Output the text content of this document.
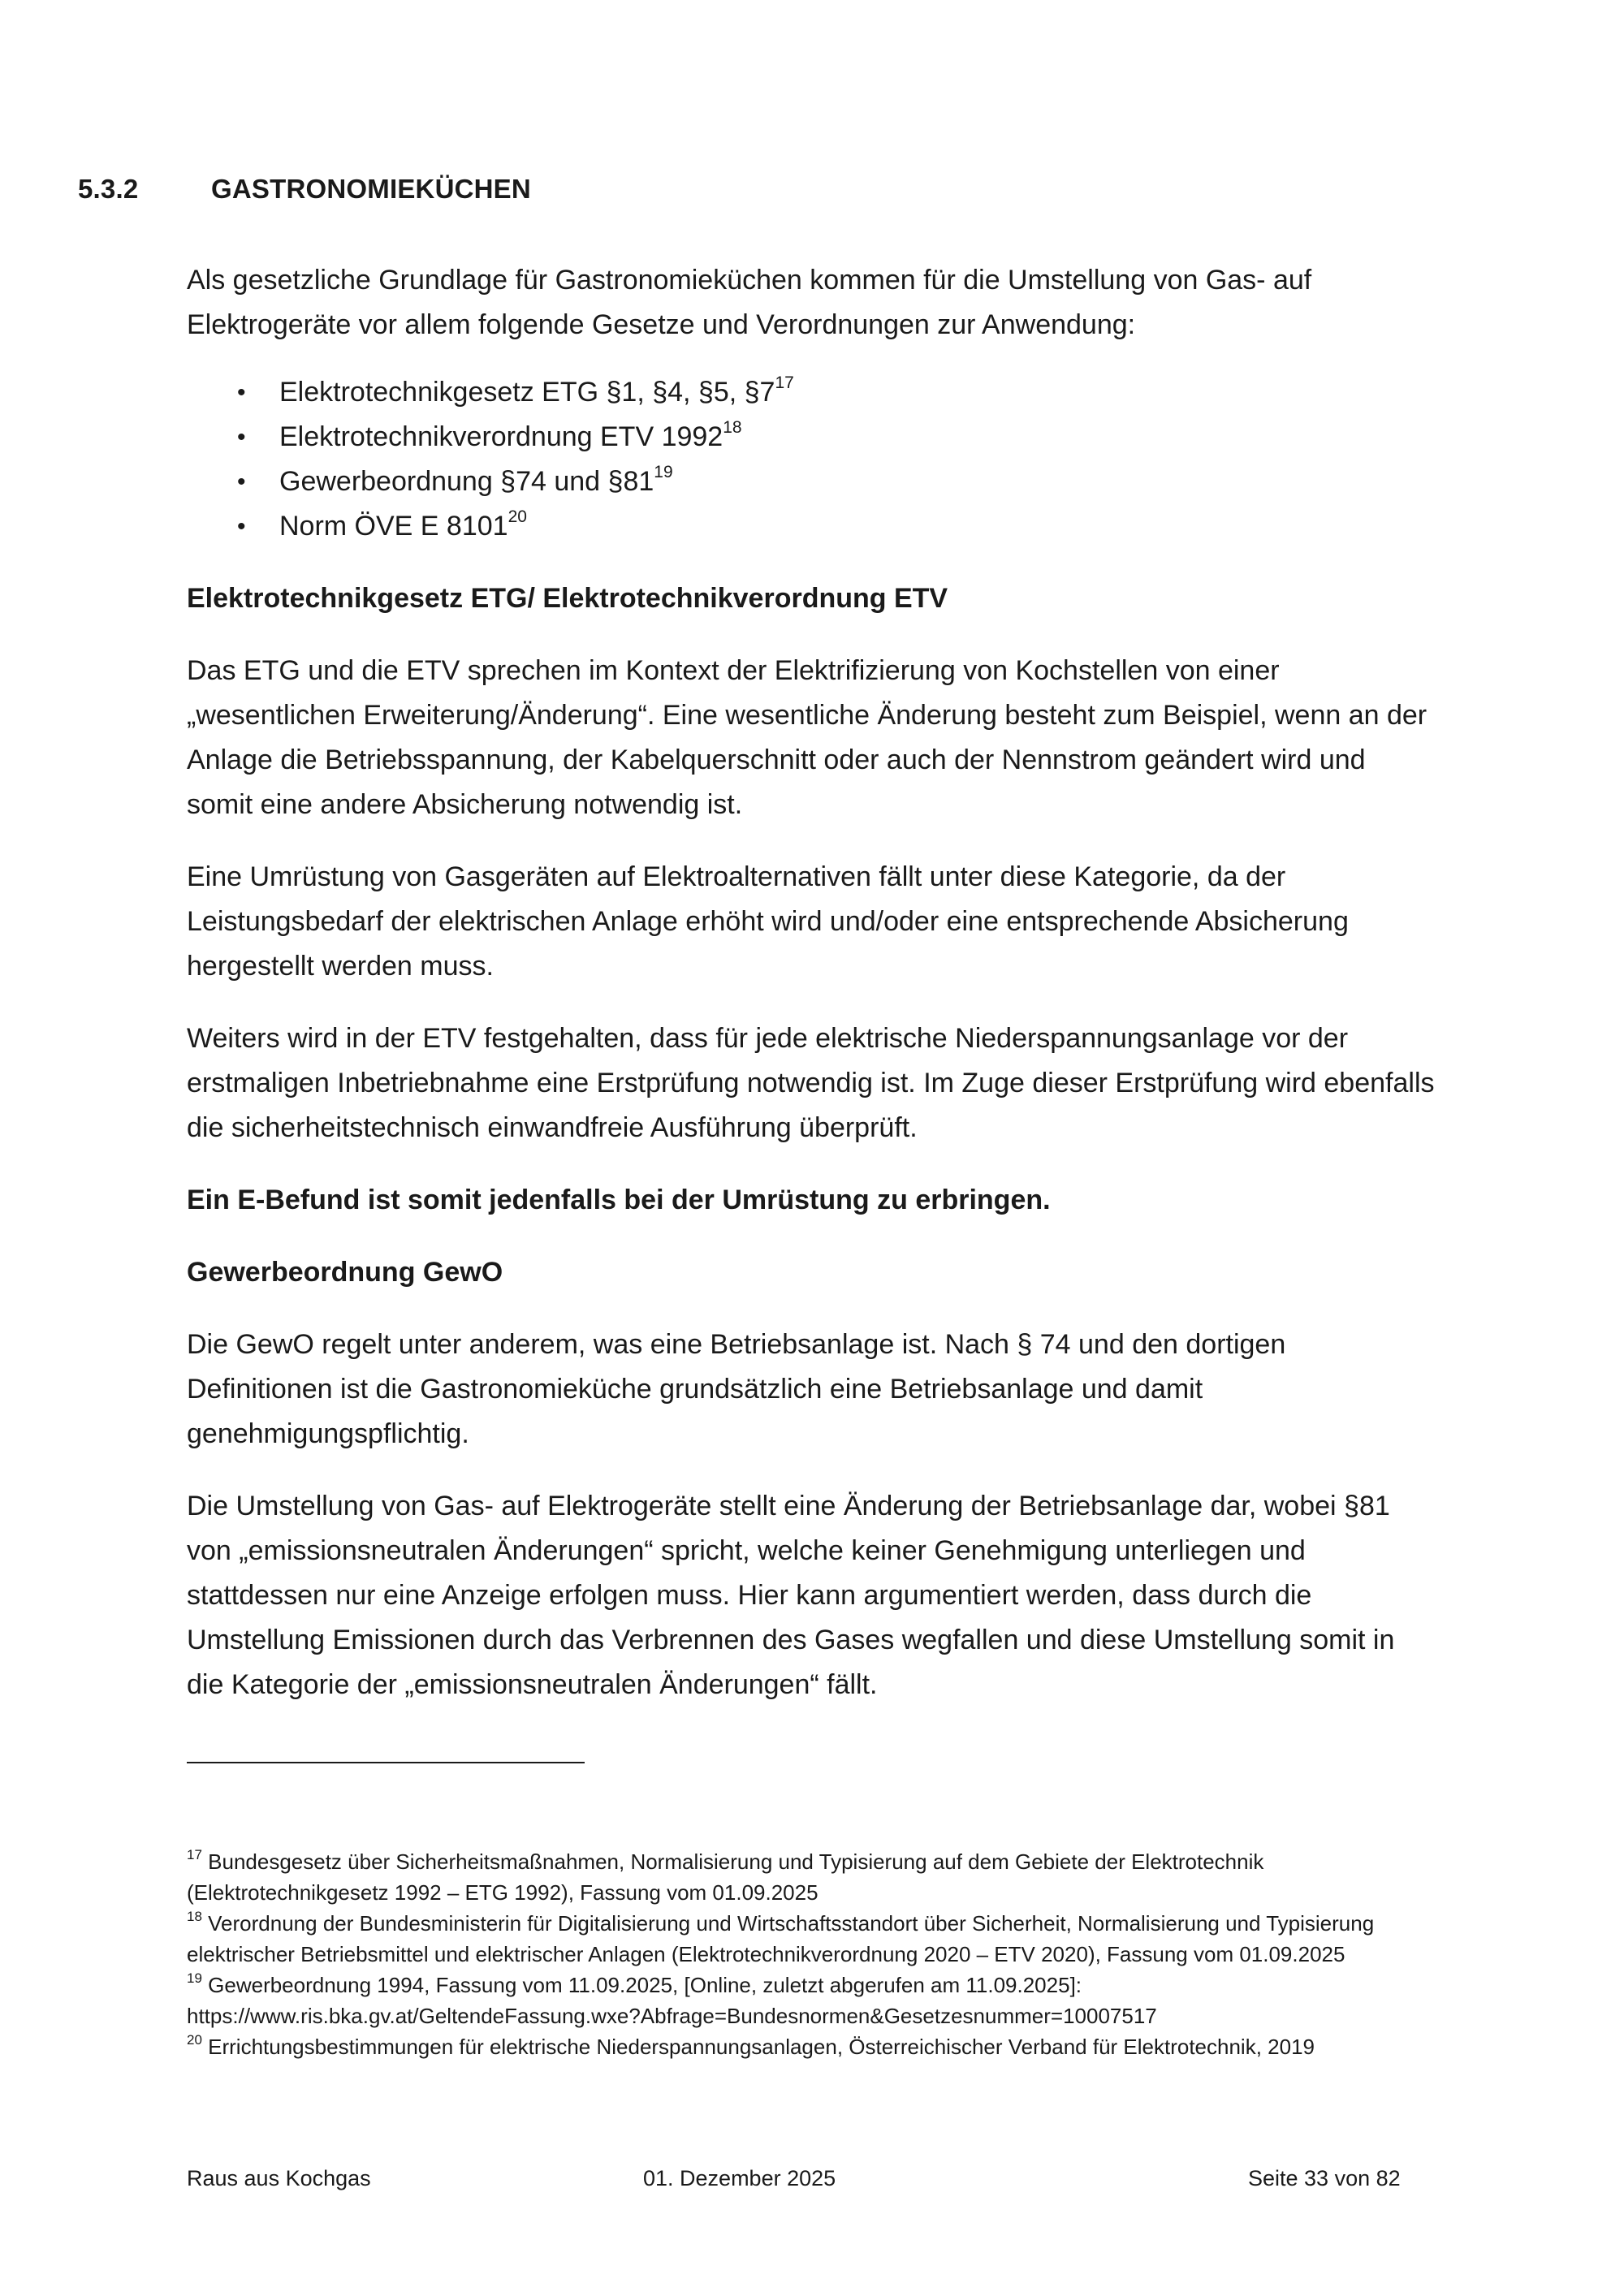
5.3.2	GASTRONOMIEKÜCHEN

Als gesetzliche Grundlage für Gastronomieküchen kommen für die Umstellung von Gas- auf Elektrogeräte vor allem folgende Gesetze und Verordnungen zur Anwendung:

• Elektrotechnikgesetz ETG §1, §4, §5, $\S 7^{17}$
• Elektrotechnikverordnung ETV 1992$^{18}$
• Gewerbeordnung §74 und $\S 81^{19}$
• Norm ÖVE E 8101$^{20}$

Elektrotechnikgesetz ETG/ Elektrotechnikverordnung ETV

Das ETG und die ETV sprechen im Kontext der Elektrifizierung von Kochstellen von einer „wesentlichen Erweiterung/Änderung“. Eine wesentliche Änderung besteht zum Beispiel, wenn an der Anlage die Betriebsspannung, der Kabelquerschnitt oder auch der Nennstrom geändert wird und somit eine andere Absicherung notwendig ist.

Eine Umrüstung von Gasgeräten auf Elektroalternativen fällt unter diese Kategorie, da der Leistungsbedarf der elektrischen Anlage erhöht wird und/oder eine entsprechende Absicherung hergestellt werden muss.

Weiters wird in der ETV festgehalten, dass für jede elektrische Niederspannungsanlage vor der erstmaligen Inbetriebnahme eine Erstprüfung notwendig ist. Im Zuge dieser Erstprüfung wird ebenfalls die sicherheitstechnisch einwandfreie Ausführung überprüft.

Ein E-Befund ist somit jedenfalls bei der Umrüstung zu erbringen.

Gewerbeordnung GewO

Die GewO regelt unter anderem, was eine Betriebsanlage ist. Nach § 74 und den dortigen Definitionen ist die Gastronomieküche grundsätzlich eine Betriebsanlage und damit genehmigungspflichtig.

Die Umstellung von Gas- auf Elektrogeräte stellt eine Änderung der Betriebsanlage dar, wobei §81 von „emissionsneutralen Änderungen“ spricht, welche keiner Genehmigung unterliegen und stattdessen nur eine Anzeige erfolgen muss. Hier kann argumentiert werden, dass durch die Umstellung Emissionen durch das Verbrennen des Gases wegfallen und diese Umstellung somit in die Kategorie der „emissionsneutralen Änderungen“ fällt.

$^{17}$ Bundesgesetz über Sicherheitsmaßnahmen, Normalisierung und Typisierung auf dem Gebiete der Elektrotechnik (Elektrotechnikgesetz 1992 – ETG 1992), Fassung vom 01.09.2025
$^{18}$ Verordnung der Bundesministerin für Digitalisierung und Wirtschaftsstandort über Sicherheit, Normalisierung und Typisierung elektrischer Betriebsmittel und elektrischer Anlagen (Elektrotechnikverordnung 2020 – ETV 2020), Fassung vom 01.09.2025
$^{19}$ Gewerbeordnung 1994, Fassung vom 11.09.2025, [Online, zuletzt abgerufen am 11.09.2025]: https://www.ris.bka.gv.at/GeltendeFassung.wxe?Abfrage=Bundesnormen&Gesetzesnummer=10007517
$^{20}$ Errichtungsbestimmungen für elektrische Niederspannungsanlagen, Österreichischer Verband für Elektrotechnik, 2019
Raus aus Kochgas	01. Dezember 2025	Seite 33 von 82
